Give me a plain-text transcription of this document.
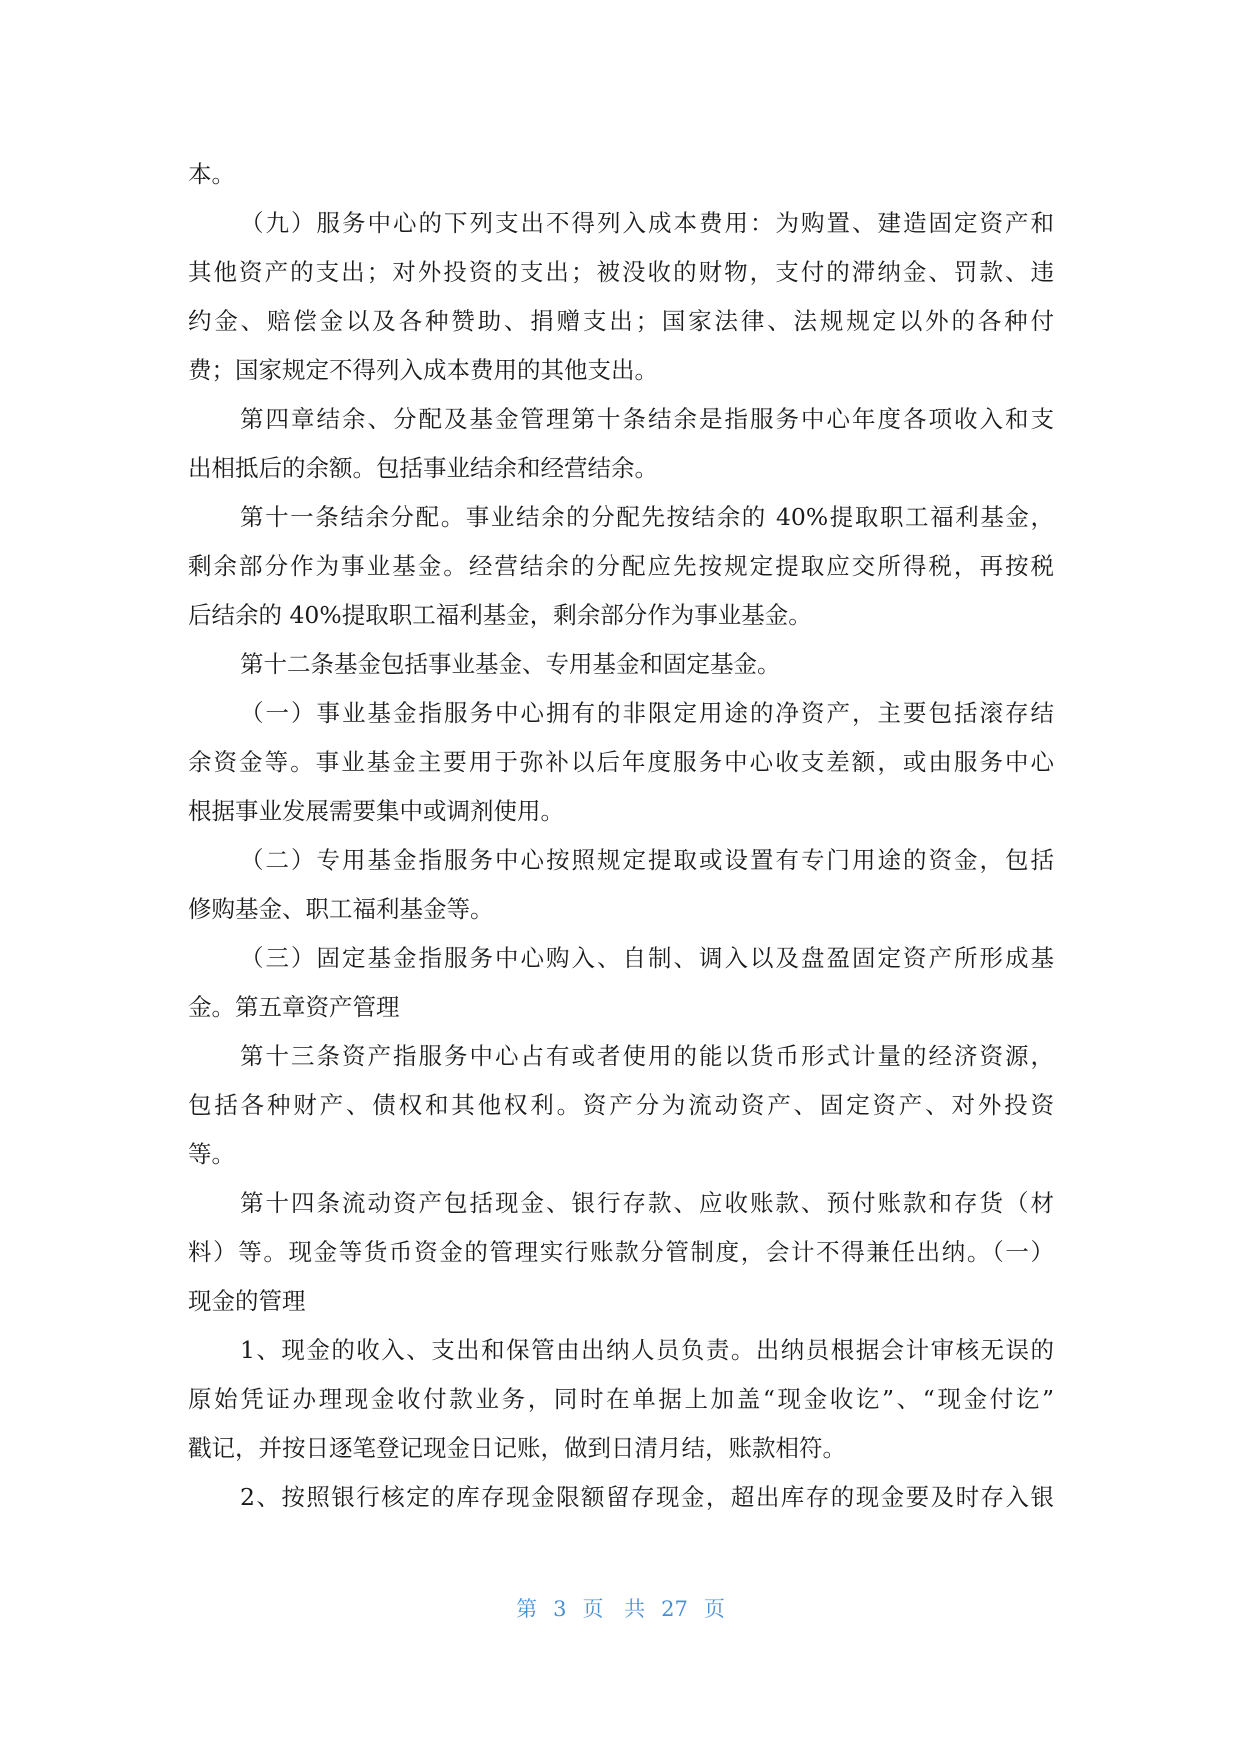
本。
（九）服务中心的下列支出不得列入成本费用：为购置、建造固定资产和
其他资产的支出；对外投资的支出；被没收的财物，支付的滞纳金、罚款、违
约金、赔偿金以及各种赞助、捐赠支出；国家法律、法规规定以外的各种付
费；国家规定不得列入成本费用的其他支出。
第四章结余、分配及基金管理第十条结余是指服务中心年度各项收入和支
出相抵后的余额。包括事业结余和经营结余。
第十一条结余分配。事业结余的分配先按结余的 40%提取职工福利基金，
剩余部分作为事业基金。经营结余的分配应先按规定提取应交所得税，再按税
后结余的 40%提取职工福利基金，剩余部分作为事业基金。
第十二条基金包括事业基金、专用基金和固定基金。
（一）事业基金指服务中心拥有的非限定用途的净资产，主要包括滚存结
余资金等。事业基金主要用于弥补以后年度服务中心收支差额，或由服务中心
根据事业发展需要集中或调剂使用。
（二）专用基金指服务中心按照规定提取或设置有专门用途的资金，包括
修购基金、职工福利基金等。
（三）固定基金指服务中心购入、自制、调入以及盘盈固定资产所形成基
金。第五章资产管理
第十三条资产指服务中心占有或者使用的能以货币形式计量的经济资源，
包括各种财产、债权和其他权利。资产分为流动资产、固定资产、对外投资
等。
第十四条流动资产包括现金、银行存款、应收账款、预付账款和存货（材
料）等。现金等货币资金的管理实行账款分管制度，会计不得兼任出纳。（一）
现金的管理
1、现金的收入、支出和保管由出纳人员负责。出纳员根据会计审核无误的
原始凭证办理现金收付款业务，同时在单据上加盖“现金收讫”、“现金付讫”
戳记，并按日逐笔登记现金日记账，做到日清月结，账款相符。
2、按照银行核定的库存现金限额留存现金，超出库存的现金要及时存入银
第 3 页 共 27 页
